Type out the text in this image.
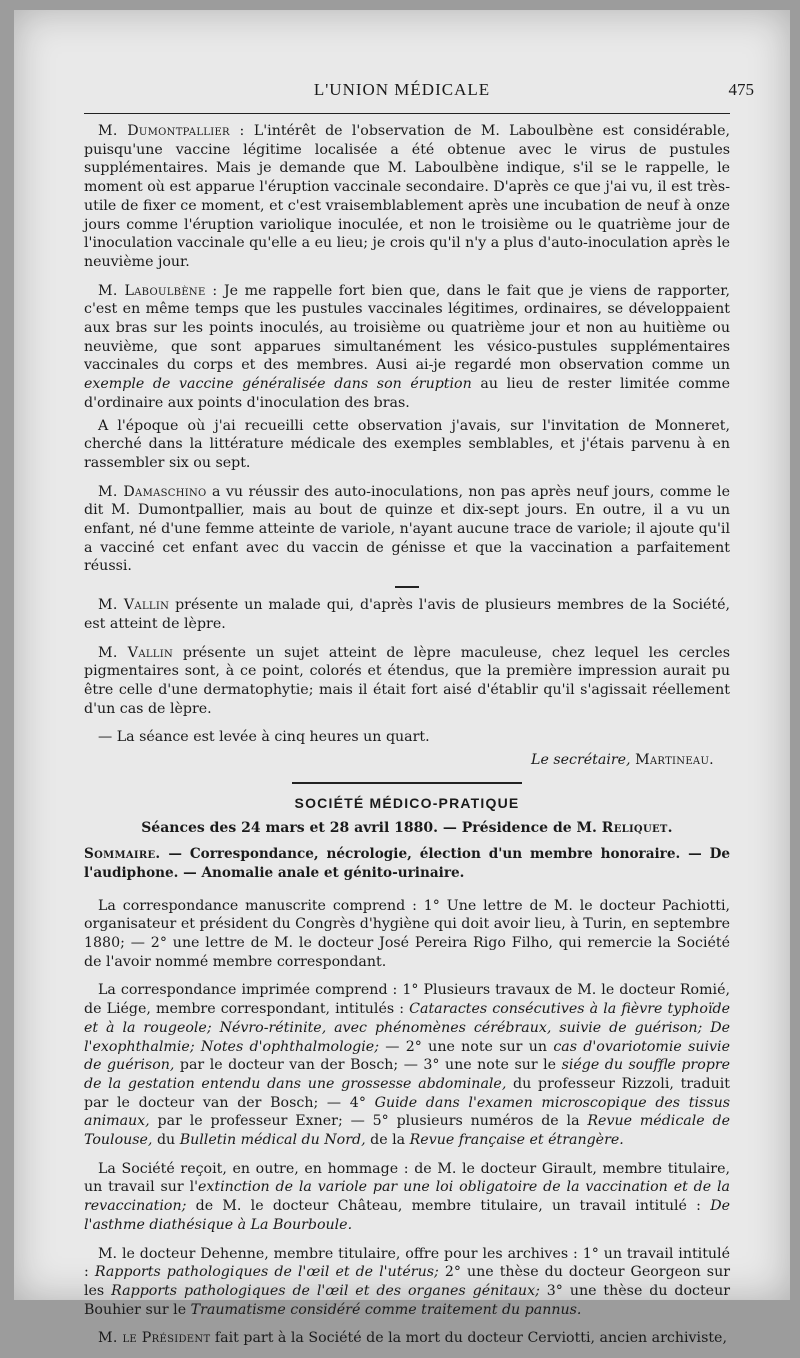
L'UNION MÉDICALE	475

M. Dumontpallier : L'intérêt de l'observation de M. Laboulbène est considérable, puisqu'une vaccine légitime localisée a été obtenue avec le virus de pustules supplémentaires. Mais je demande que M. Laboulbène indique, s'il se le rappelle, le moment où est apparue l'éruption vaccinale secondaire. D'après ce que j'ai vu, il est très-utile de fixer ce moment, et c'est vraisemblablement après une incubation de neuf à onze jours comme l'éruption variolique inoculée, et non le troisième ou le quatrième jour de l'inoculation vaccinale qu'elle a eu lieu; je crois qu'il n'y a plus d'auto-inoculation après le neuvième jour.

M. Laboulbène : Je me rappelle fort bien que, dans le fait que je viens de rapporter, c'est en même temps que les pustules vaccinales légitimes, ordinaires, se développaient aux bras sur les points inoculés, au troisième ou quatrième jour et non au huitième ou neuvième, que sont apparues simultanément les vésico-pustules supplémentaires vaccinales du corps et des membres. Ausi ai-je regardé mon observation comme un exemple de vaccine généralisée dans son éruption au lieu de rester limitée comme d'ordinaire aux points d'inoculation des bras.

A l'époque où j'ai recueilli cette observation j'avais, sur l'invitation de Monneret, cherché dans la littérature médicale des exemples semblables, et j'étais parvenu à en rassembler six ou sept.

M. Damaschino a vu réussir des auto-inoculations, non pas après neuf jours, comme le dit M. Dumontpallier, mais au bout de quinze et dix-sept jours. En outre, il a vu un enfant, né d'une femme atteinte de variole, n'ayant aucune trace de variole; il ajoute qu'il a vacciné cet enfant avec du vaccin de génisse et que la vaccination a parfaitement réussi.

M. Vallin présente un malade qui, d'après l'avis de plusieurs membres de la Société, est atteint de lèpre.

M. Vallin présente un sujet atteint de lèpre maculeuse, chez lequel les cercles pigmentaires sont, à ce point, colorés et étendus, que la première impression aurait pu être celle d'une dermatophytie; mais il était fort aisé d'établir qu'il s'agissait réellement d'un cas de lèpre.

— La séance est levée à cinq heures un quart.

Le secrétaire, Martineau.
SOCIÉTÉ MÉDICO-PRATIQUE
Séances des 24 mars et 28 avril 1880. — Présidence de M. Reliquet.

Sommaire. — Correspondance, nécrologie, élection d'un membre honoraire. — De l'audiphone. — Anomalie anale et génito-urinaire.

La correspondance manuscrite comprend : 1° Une lettre de M. le docteur Pachiotti, organisateur et président du Congrès d'hygiène qui doit avoir lieu, à Turin, en septembre 1880; — 2° une lettre de M. le docteur José Pereira Rigo Filho, qui remercie la Société de l'avoir nommé membre correspondant.

La correspondance imprimée comprend : 1° Plusieurs travaux de M. le docteur Romié, de Liége, membre correspondant, intitulés : Cataractes consécutives à la fièvre typhoïde et à la rougeole; Névro-rétinite, avec phénomènes cérébraux, suivie de guérison; De l'exophthalmie; Notes d'ophthalmologie; — 2° une note sur un cas d'ovariotomie suivie de guérison, par le docteur van der Bosch; — 3° une note sur le siége du souffle propre de la gestation entendu dans une grossesse abdominale, du professeur Rizzoli, traduit par le docteur van der Bosch; — 4° Guide dans l'examen microscopique des tissus animaux, par le professeur Exner; — 5° plusieurs numéros de la Revue médicale de Toulouse, du Bulletin médical du Nord, de la Revue française et étrangère.

La Société reçoit, en outre, en hommage : de M. le docteur Girault, membre titulaire, un travail sur l'extinction de la variole par une loi obligatoire de la vaccination et de la revaccination; de M. le docteur Château, membre titulaire, un travail intitulé : De l'asthme diathésique à La Bourboule.

M. le docteur Dehenne, membre titulaire, offre pour les archives : 1° un travail intitulé : Rapports pathologiques de l'œil et de l'utérus; 2° une thèse du docteur Georgeon sur les Rapports pathologiques de l'œil et des organes génitaux; 3° une thèse du docteur Bouhier sur le Traumatisme considéré comme traitement du pannus.

M. le Président fait part à la Société de la mort du docteur Cerviotti, ancien archiviste,
